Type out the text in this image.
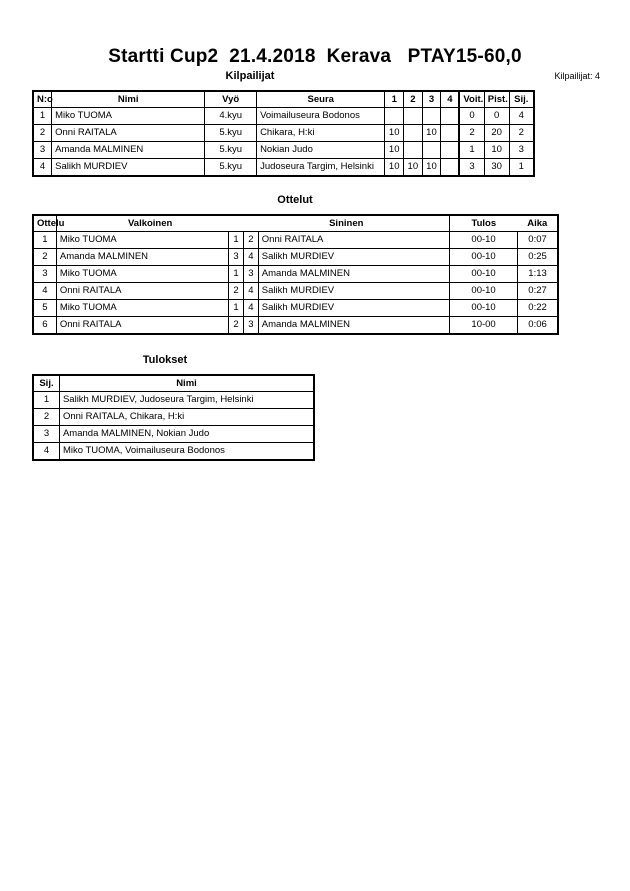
Startti Cup2  21.4.2018  Kerava   PTAY15-60,0
Kilpailijat	Kilpailijat: 4
N:o	Nimi	Vyö	Seura	1	2	3	4	Voit.	Pist.	Sij.
1	Miko TUOMA	4.kyu	Voimailuseura Bodonos					0	0	4
2	Onni RAITALA	5.kyu	Chikara, H:ki	10		10		2	20	2
3	Amanda MALMINEN	5.kyu	Nokian Judo	10				1	10	3
4	Salikh MURDIEV	5.kyu	Judoseura Targim, Helsinki	10	10	10		3	30	1
Ottelut
Ottelu	Valkoinen		Sininen		Tulos	Aika
1	Miko TUOMA	1	2	Onni RAITALA	00-10	0:07
2	Amanda MALMINEN	3	4	Salikh MURDIEV	00-10	0:25
3	Miko TUOMA	1	3	Amanda MALMINEN	00-10	1:13
4	Onni RAITALA	2	4	Salikh MURDIEV	00-10	0:27
5	Miko TUOMA	1	4	Salikh MURDIEV	00-10	0:22
6	Onni RAITALA	2	3	Amanda MALMINEN	10-00	0:06
Tulokset
Sij.	Nimi
1	Salikh MURDIEV, Judoseura Targim, Helsinki
2	Onni RAITALA, Chikara, H:ki
3	Amanda MALMINEN, Nokian Judo
4	Miko TUOMA, Voimailuseura Bodonos
